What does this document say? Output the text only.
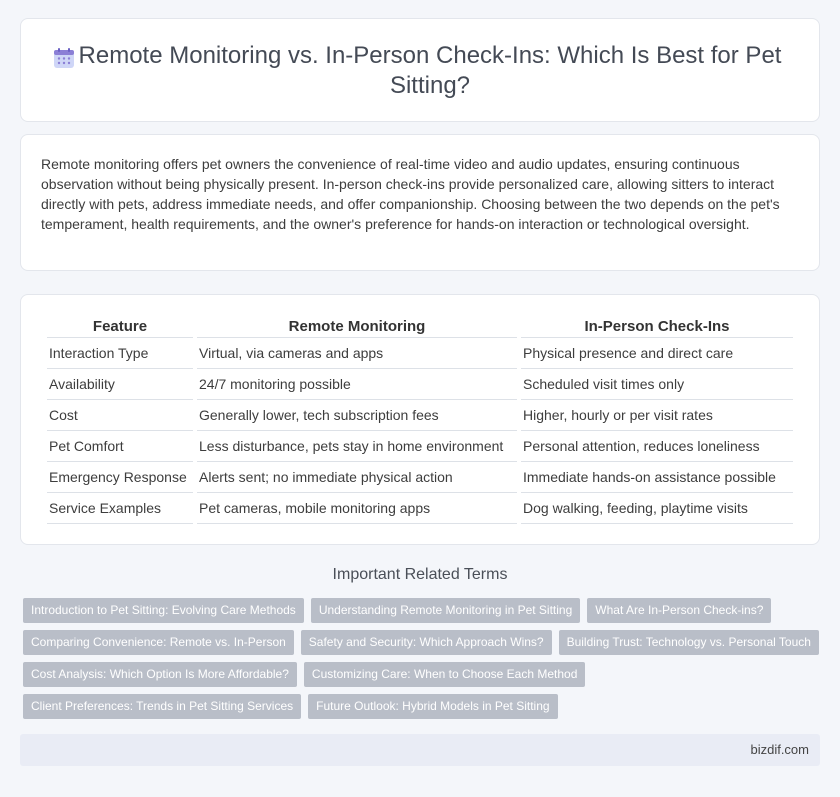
Remote Monitoring vs. In-Person Check-Ins: Which Is Best for Pet Sitting?

Remote monitoring offers pet owners the convenience of real-time video and audio updates, ensuring continuous observation without being physically present. In-person check-ins provide personalized care, allowing sitters to interact directly with pets, address immediate needs, and offer companionship. Choosing between the two depends on the pet's temperament, health requirements, and the owner's preference for hands-on interaction or technological oversight.

Feature	Remote Monitoring	In-Person Check-Ins
Interaction Type	Virtual, via cameras and apps	Physical presence and direct care
Availability	24/7 monitoring possible	Scheduled visit times only
Cost	Generally lower, tech subscription fees	Higher, hourly or per visit rates
Pet Comfort	Less disturbance, pets stay in home environment	Personal attention, reduces loneliness
Emergency Response	Alerts sent; no immediate physical action	Immediate hands-on assistance possible
Service Examples	Pet cameras, mobile monitoring apps	Dog walking, feeding, playtime visits
Important Related Terms
Introduction to Pet Sitting: Evolving Care Methods	Understanding Remote Monitoring in Pet Sitting	What Are In-Person Check-ins?
Comparing Convenience: Remote vs. In-Person	Safety and Security: Which Approach Wins?	Building Trust: Technology vs. Personal Touch
Cost Analysis: Which Option Is More Affordable?	Customizing Care: When to Choose Each Method
Client Preferences: Trends in Pet Sitting Services	Future Outlook: Hybrid Models in Pet Sitting
bizdif.com
